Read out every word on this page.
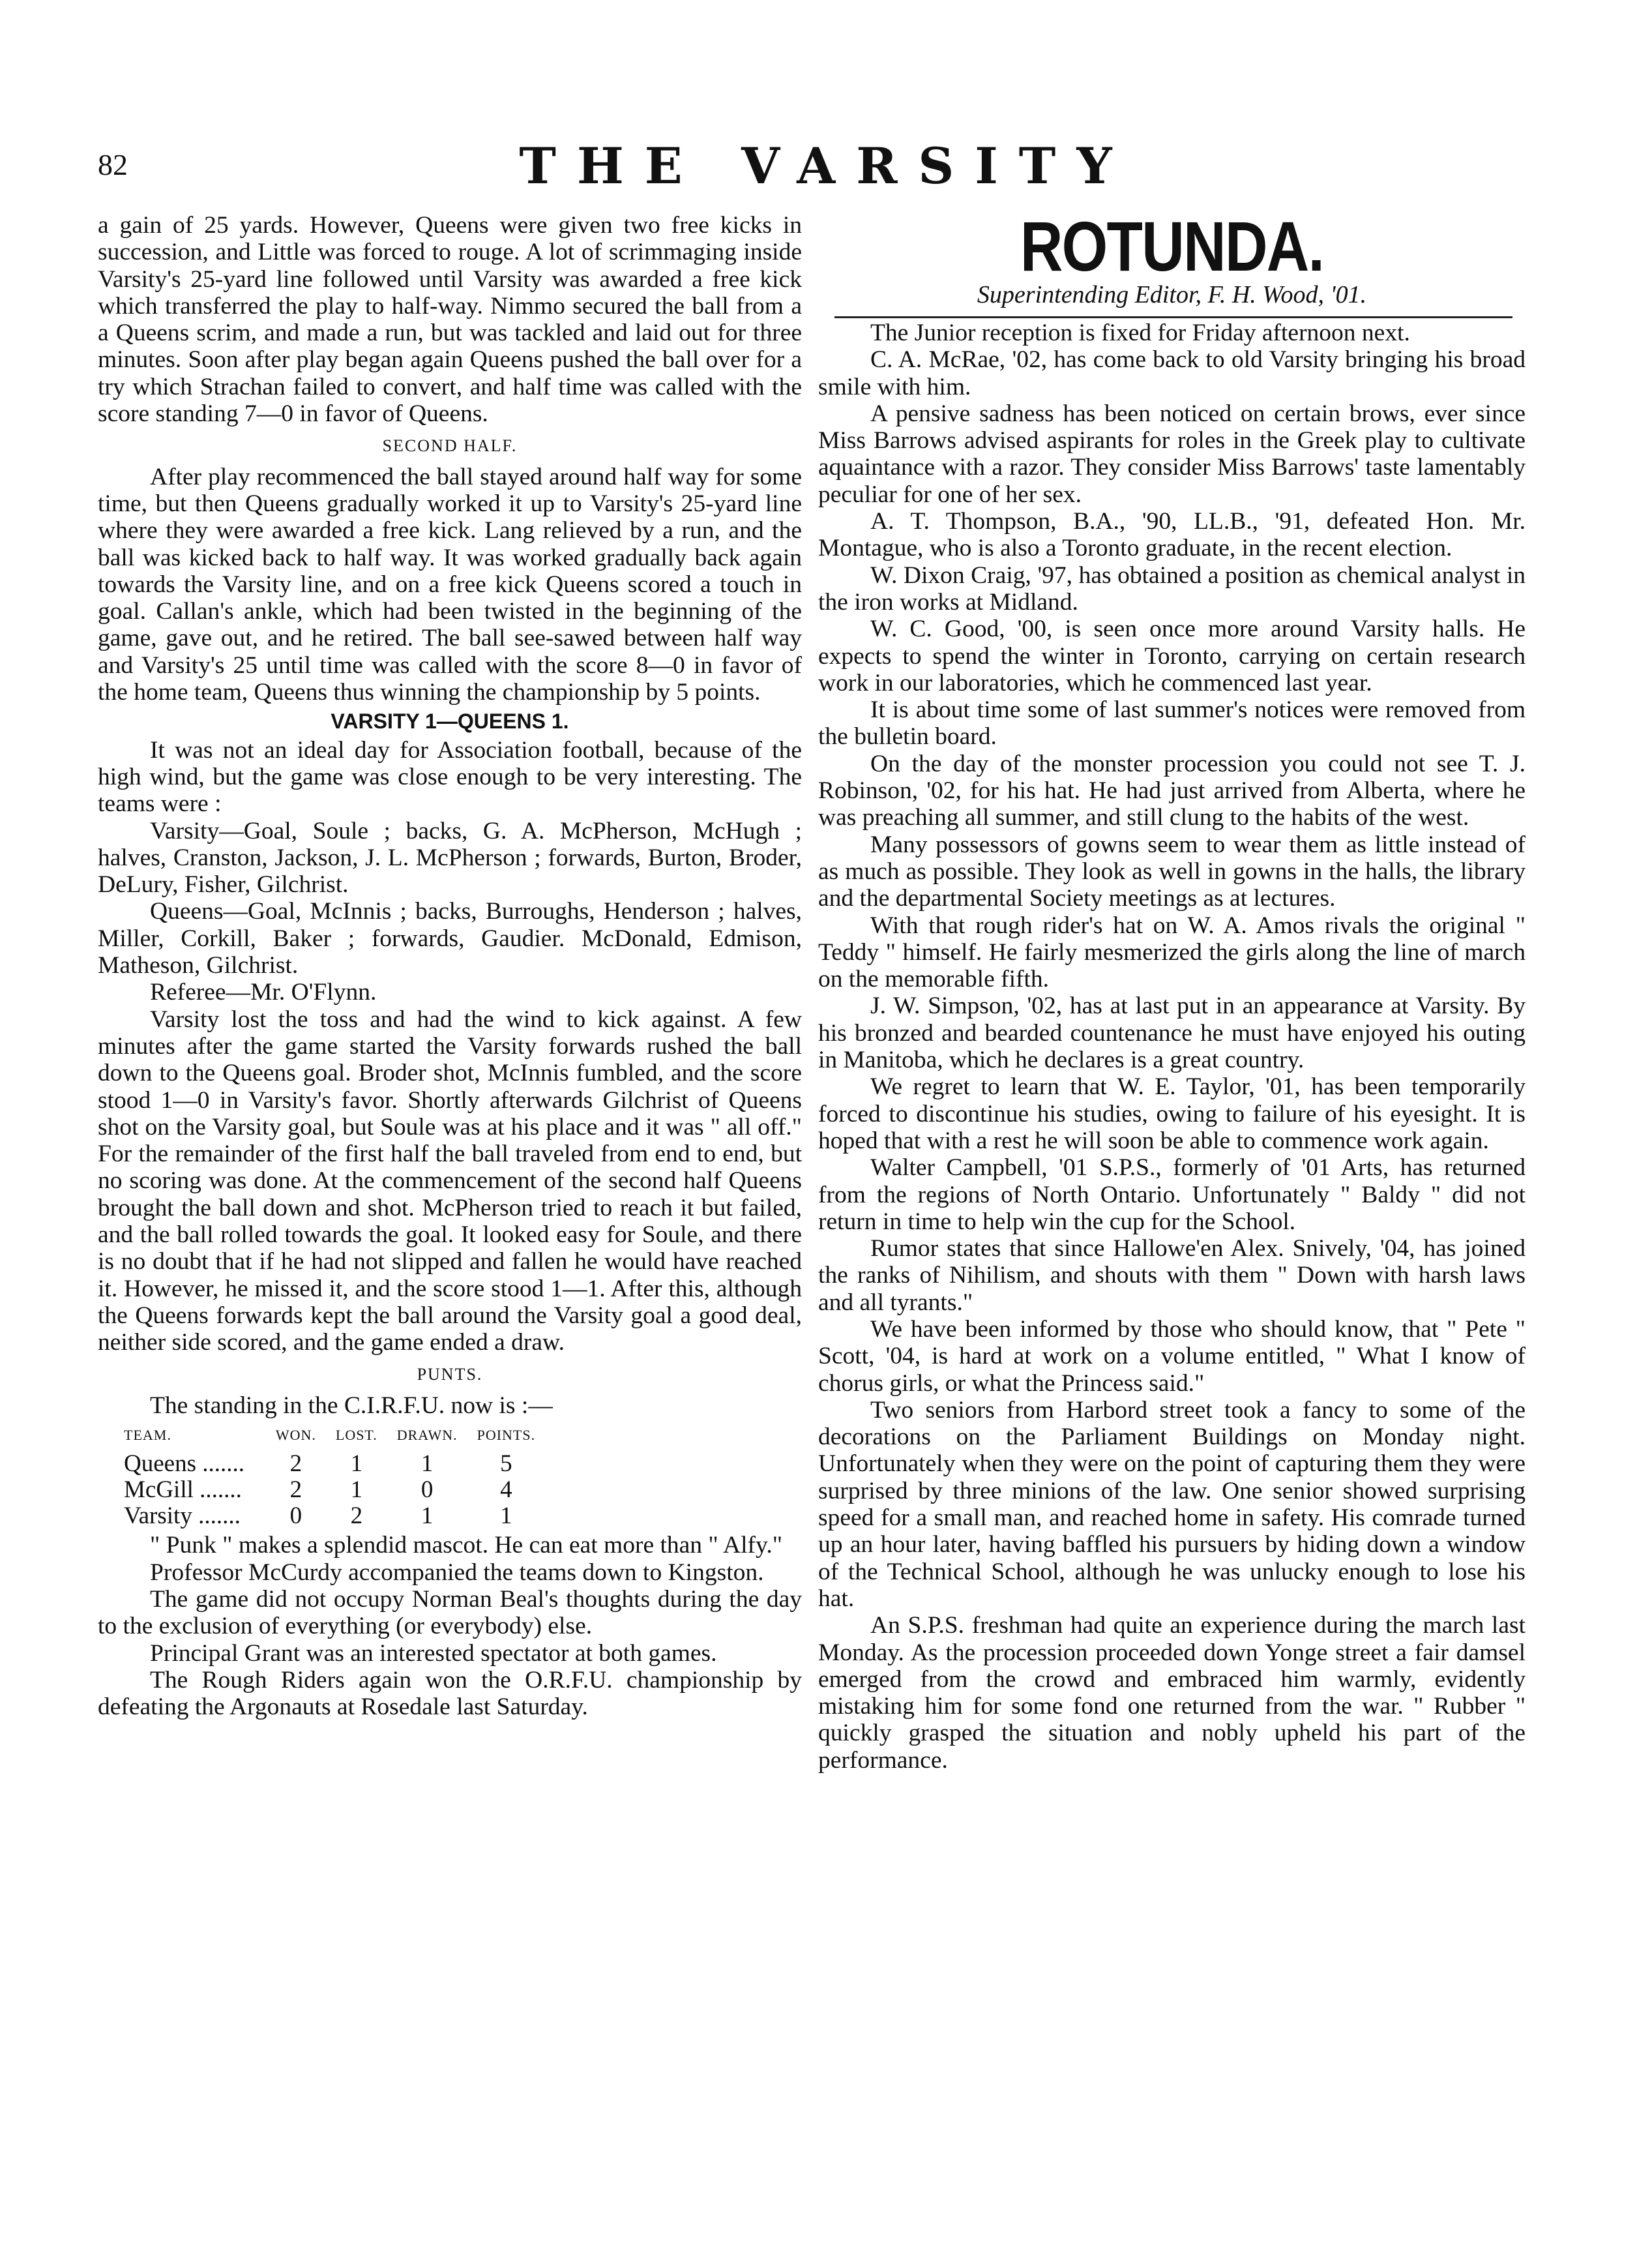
82	THE VARSITY

a gain of 25 yards. However, Queens were given two free kicks in succession, and Little was forced to rouge. A lot of scrimmaging inside Varsity's 25-yard line followed until Varsity was awarded a free kick which transferred the play to half-way. Nimmo secured the ball from a a Queens scrim, and made a run, but was tackled and laid out for three minutes. Soon after play began again Queens pushed the ball over for a try which Strachan failed to convert, and half time was called with the score standing 7—0 in favor of Queens.

SECOND HALF.

After play recommenced the ball stayed around half way for some time, but then Queens gradually worked it up to Varsity's 25-yard line where they were awarded a free kick. Lang relieved by a run, and the ball was kicked back to half way. It was worked gradually back again towards the Varsity line, and on a free kick Queens scored a touch in goal. Callan's ankle, which had been twisted in the beginning of the game, gave out, and he retired. The ball see-sawed between half way and Varsity's 25 until time was called with the score 8—0 in favor of the home team, Queens thus winning the championship by 5 points.

VARSITY 1—QUEENS 1.

It was not an ideal day for Association football, because of the high wind, but the game was close enough to be very interesting. The teams were :

Varsity—Goal, Soule ; backs, G. A. McPherson, McHugh ; halves, Cranston, Jackson, J. L. McPherson ; forwards, Burton, Broder, DeLury, Fisher, Gilchrist.

Queens—Goal, McInnis ; backs, Burroughs, Henderson ; halves, Miller, Corkill, Baker ; forwards, Gaudier. McDonald, Edmison, Matheson, Gilchrist.

Referee—Mr. O'Flynn.

Varsity lost the toss and had the wind to kick against. A few minutes after the game started the Varsity forwards rushed the ball down to the Queens goal. Broder shot, McInnis fumbled, and the score stood 1—0 in Varsity's favor. Shortly afterwards Gilchrist of Queens shot on the Varsity goal, but Soule was at his place and it was " all off." For the remainder of the first half the ball traveled from end to end, but no scoring was done. At the commencement of the second half Queens brought the ball down and shot. McPherson tried to reach it but failed, and the ball rolled towards the goal. It looked easy for Soule, and there is no doubt that if he had not slipped and fallen he would have reached it. However, he missed it, and the score stood 1—1. After this, although the Queens forwards kept the ball around the Varsity goal a good deal, neither side scored, and the game ended a draw.

PUNTS.

The standing in the C.I.R.F.U. now is :—

TEAM.	WON.	LOST.	DRAWN.	POINTS.
Queens .......	2	1	1	5
McGill .......	2	1	0	4
Varsity .......	0	2	1	1

" Punk " makes a splendid mascot. He can eat more than " Alfy."

Professor McCurdy accompanied the teams down to Kingston.

The game did not occupy Norman Beal's thoughts during the day to the exclusion of everything (or everybody) else.

Principal Grant was an interested spectator at both games.

The Rough Riders again won the O.R.F.U. championship by defeating the Argonauts at Rosedale last Saturday.

ROTUNDA.
Superintending Editor, F. H. Wood, '01.

The Junior reception is fixed for Friday afternoon next.

C. A. McRae, '02, has come back to old Varsity bringing his broad smile with him.

A pensive sadness has been noticed on certain brows, ever since Miss Barrows advised aspirants for roles in the Greek play to cultivate aquaintance with a razor. They consider Miss Barrows' taste lamentably peculiar for one of her sex.

A. T. Thompson, B.A., '90, LL.B., '91, defeated Hon. Mr. Montague, who is also a Toronto graduate, in the recent election.

W. Dixon Craig, '97, has obtained a position as chemical analyst in the iron works at Midland.

W. C. Good, '00, is seen once more around Varsity halls. He expects to spend the winter in Toronto, carrying on certain research work in our laboratories, which he commenced last year.

It is about time some of last summer's notices were removed from the bulletin board.

On the day of the monster procession you could not see T. J. Robinson, '02, for his hat. He had just arrived from Alberta, where he was preaching all summer, and still clung to the habits of the west.

Many possessors of gowns seem to wear them as little instead of as much as possible. They look as well in gowns in the halls, the library and the departmental Society meetings as at lectures.

With that rough rider's hat on W. A. Amos rivals the original " Teddy " himself. He fairly mesmerized the girls along the line of march on the memorable fifth.

J. W. Simpson, '02, has at last put in an appearance at Varsity. By his bronzed and bearded countenance he must have enjoyed his outing in Manitoba, which he declares is a great country.

We regret to learn that W. E. Taylor, '01, has been temporarily forced to discontinue his studies, owing to failure of his eyesight. It is hoped that with a rest he will soon be able to commence work again.

Walter Campbell, '01 S.P.S., formerly of '01 Arts, has returned from the regions of North Ontario. Unfortunately " Baldy " did not return in time to help win the cup for the School.

Rumor states that since Hallowe'en Alex. Snively, '04, has joined the ranks of Nihilism, and shouts with them " Down with harsh laws and all tyrants."

We have been informed by those who should know, that " Pete " Scott, '04, is hard at work on a volume entitled, " What I know of chorus girls, or what the Princess said."

Two seniors from Harbord street took a fancy to some of the decorations on the Parliament Buildings on Monday night. Unfortunately when they were on the point of capturing them they were surprised by three minions of the law. One senior showed surprising speed for a small man, and reached home in safety. His comrade turned up an hour later, having baffled his pursuers by hiding down a window of the Technical School, although he was unlucky enough to lose his hat.

An S.P.S. freshman had quite an experience during the march last Monday. As the procession proceeded down Yonge street a fair damsel emerged from the crowd and embraced him warmly, evidently mistaking him for some fond one returned from the war. " Rubber " quickly grasped the situation and nobly upheld his part of the performance.
